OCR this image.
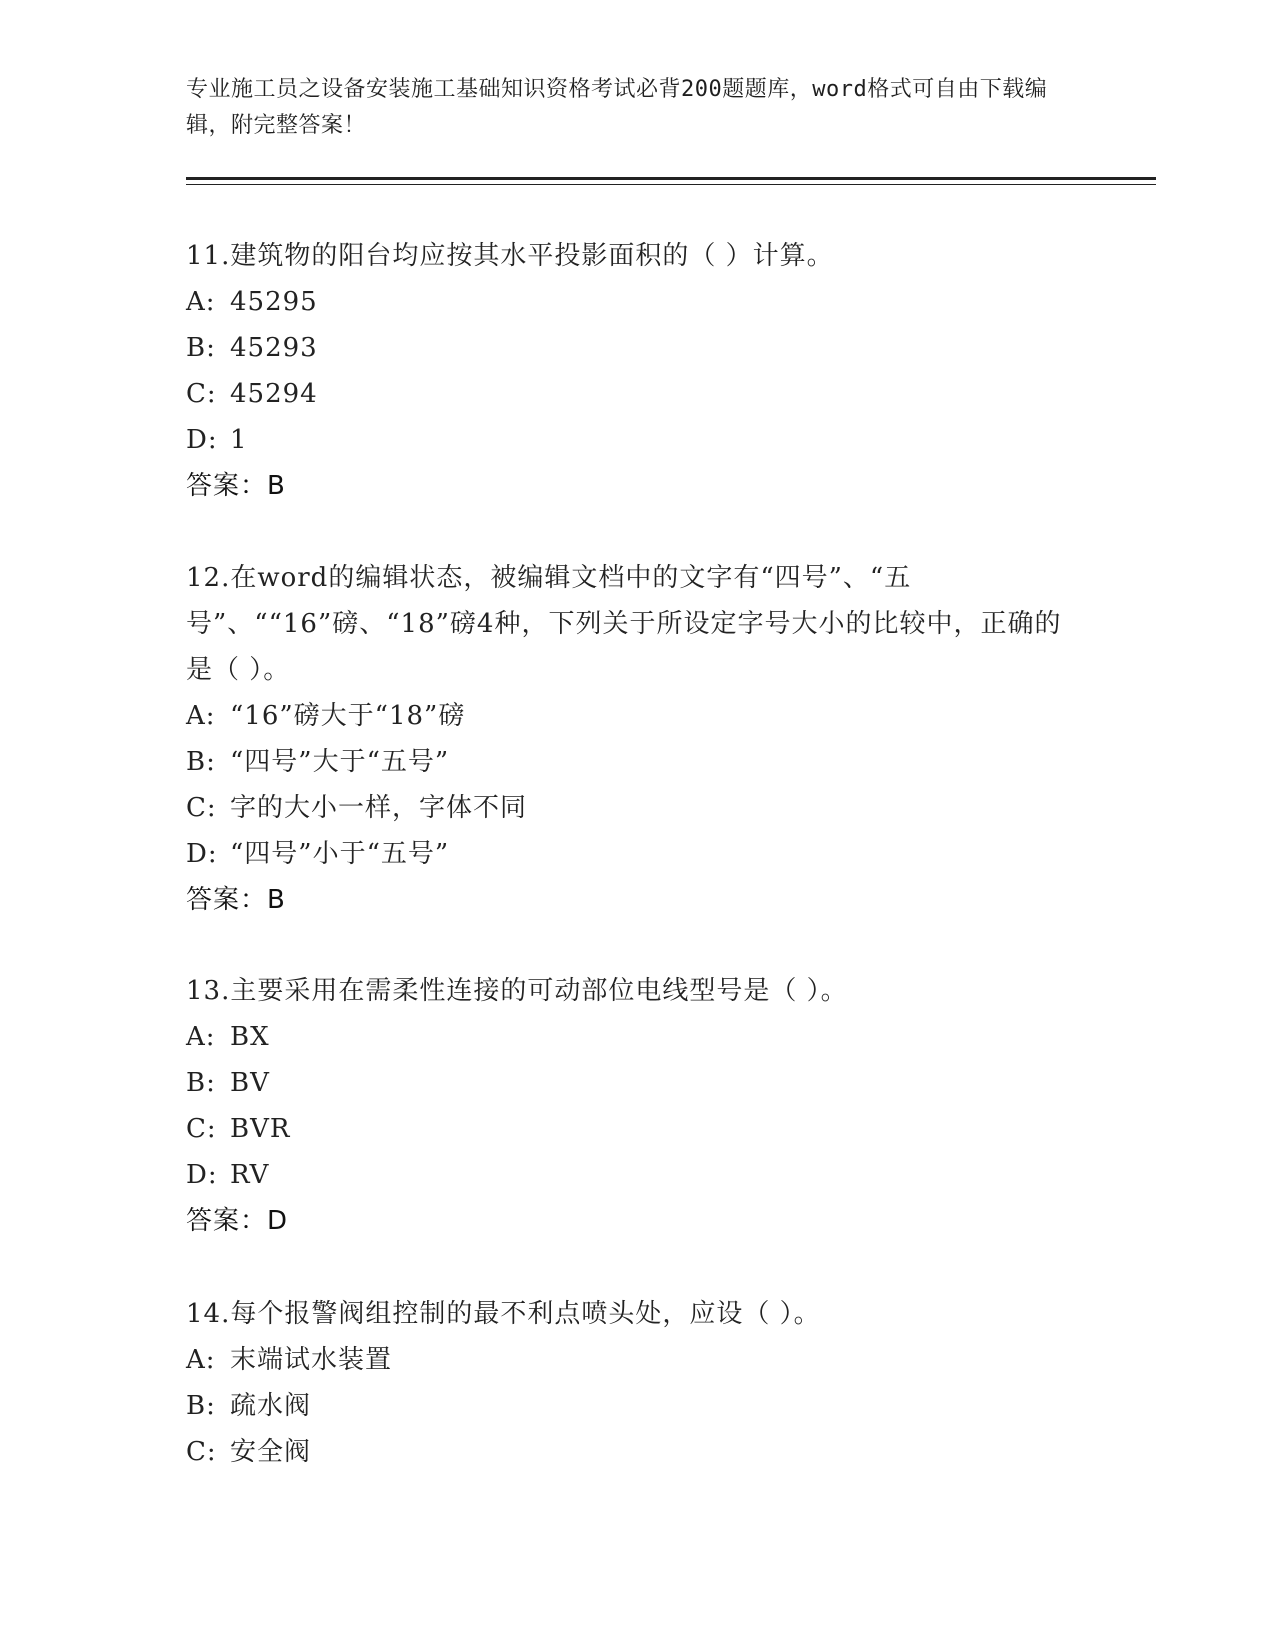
专业施工员之设备安装施工基础知识资格考试必背200题题库，word格式可自由下载编辑，附完整答案！
11.建筑物的阳台均应按其水平投影面积的（ ）计算。
A: 45295
B: 45293
C: 45294
D: 1
答案：B
12.在word的编辑状态，被编辑文档中的文字有“四号”、“五号”、““16”磅、“18”磅4种，下列关于所设定字号大小的比较中，正确的是（ ）。
A: “16”磅大于“18”磅
B: “四号”大于“五号”
C: 字的大小一样，字体不同
D: “四号”小于“五号”
答案：B
13.主要采用在需柔性连接的可动部位电线型号是（ ）。
A: BX
B: BV
C: BVR
D: RV
答案：D
14.每个报警阀组控制的最不利点喷头处，应设（ ）。
A: 末端试水装置
B: 疏水阀
C: 安全阀
